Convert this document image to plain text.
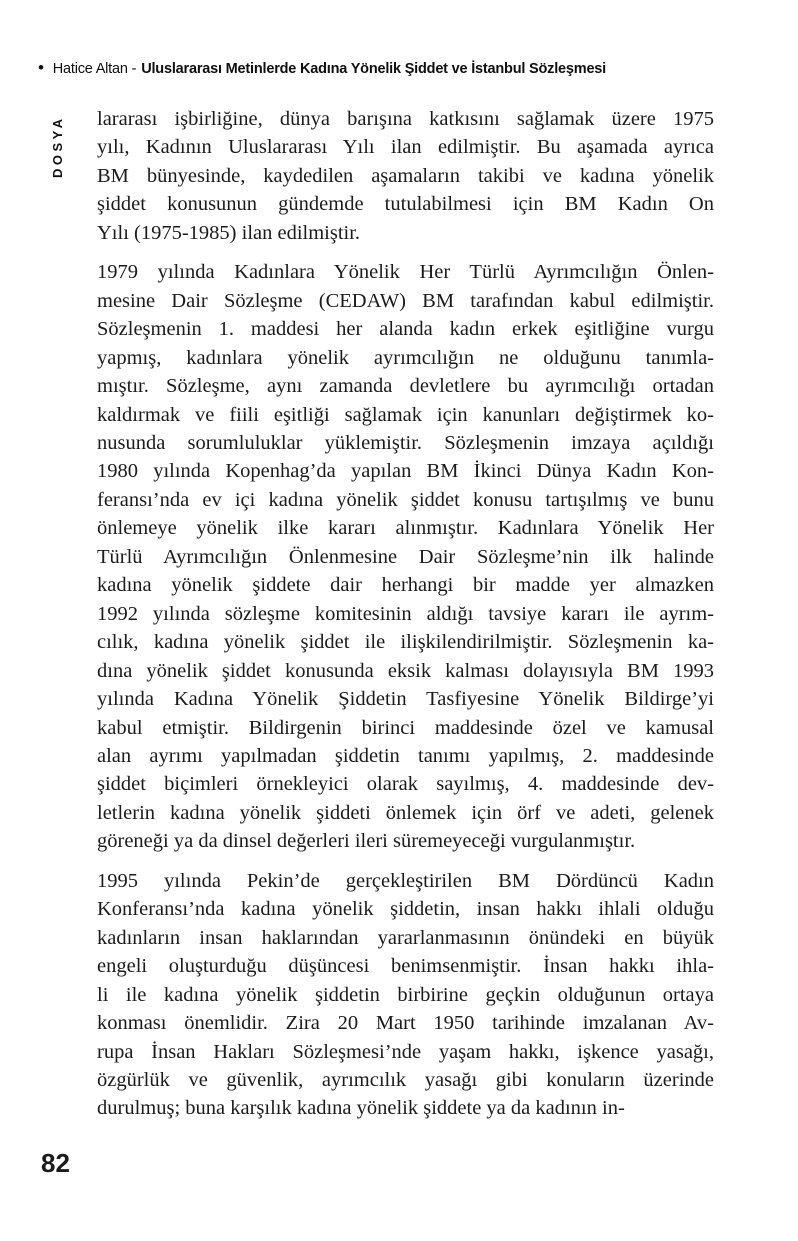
• Hatice Altan - Uluslararası Metinlerde Kadına Yönelik Şiddet ve İstanbul Sözleşmesi
DOSYA lararası işbirliğine, dünya barışına katkısını sağlamak üzere 1975
yılı, Kadının Uluslararası Yılı ilan edilmiştir. Bu aşamada ayrıca
BM bünyesinde, kaydedilen aşamaların takibi ve kadına yönelik
şiddet konusunun gündemde tutulabilmesi için BM Kadın On
Yılı (1975-1985) ilan edilmiştir.
1979 yılında Kadınlara Yönelik Her Türlü Ayrımcılığın Önlen-
mesine Dair Sözleşme (CEDAW) BM tarafından kabul edilmiştir.
Sözleşmenin 1. maddesi her alanda kadın erkek eşitliğine vurgu
yapmış, kadınlara yönelik ayrımcılığın ne olduğunu tanımla-
mıştır. Sözleşme, aynı zamanda devletlere bu ayrımcılığı ortadan
kaldırmak ve fiili eşitliği sağlamak için kanunları değiştirmek ko-
nusunda sorumluluklar yüklemiştir. Sözleşmenin imzaya açıldığı
1980 yılında Kopenhag’da yapılan BM İkinci Dünya Kadın Kon-
feransı’nda ev içi kadına yönelik şiddet konusu tartışılmış ve bunu
önlemeye yönelik ilke kararı alınmıştır. Kadınlara Yönelik Her
Türlü Ayrımcılığın Önlenmesine Dair Sözleşme’nin ilk halinde
kadına yönelik şiddete dair herhangi bir madde yer almazken
1992 yılında sözleşme komitesinin aldığı tavsiye kararı ile ayrım-
cılık, kadına yönelik şiddet ile ilişkilendirilmiştir. Sözleşmenin ka-
dına yönelik şiddet konusunda eksik kalması dolayısıyla BM 1993
yılında Kadına Yönelik Şiddetin Tasfiyesine Yönelik Bildirge’yi
kabul etmiştir. Bildirgenin birinci maddesinde özel ve kamusal
alan ayrımı yapılmadan şiddetin tanımı yapılmış, 2. maddesinde
şiddet biçimleri örnekleyici olarak sayılmış, 4. maddesinde dev-
letlerin kadına yönelik şiddeti önlemek için örf ve adeti, gelenek
göreneği ya da dinsel değerleri ileri süremeyeceği vurgulanmıştır.
1995 yılında Pekin’de gerçekleştirilen BM Dördüncü Kadın
Konferansı’nda kadına yönelik şiddetin, insan hakkı ihlali olduğu
kadınların insan haklarından yararlanmasının önündeki en büyük
engeli oluşturduğu düşüncesi benimsenmiştir. İnsan hakkı ihla-
li ile kadına yönelik şiddetin birbirine geçkin olduğunun ortaya
konması önemlidir. Zira 20 Mart 1950 tarihinde imzalanan Av-
rupa İnsan Hakları Sözleşmesi’nde yaşam hakkı, işkence yasağı,
özgürlük ve güvenlik, ayrımcılık yasağı gibi konuların üzerinde
durulmuş; buna karşılık kadına yönelik şiddete ya da kadının in-
82
